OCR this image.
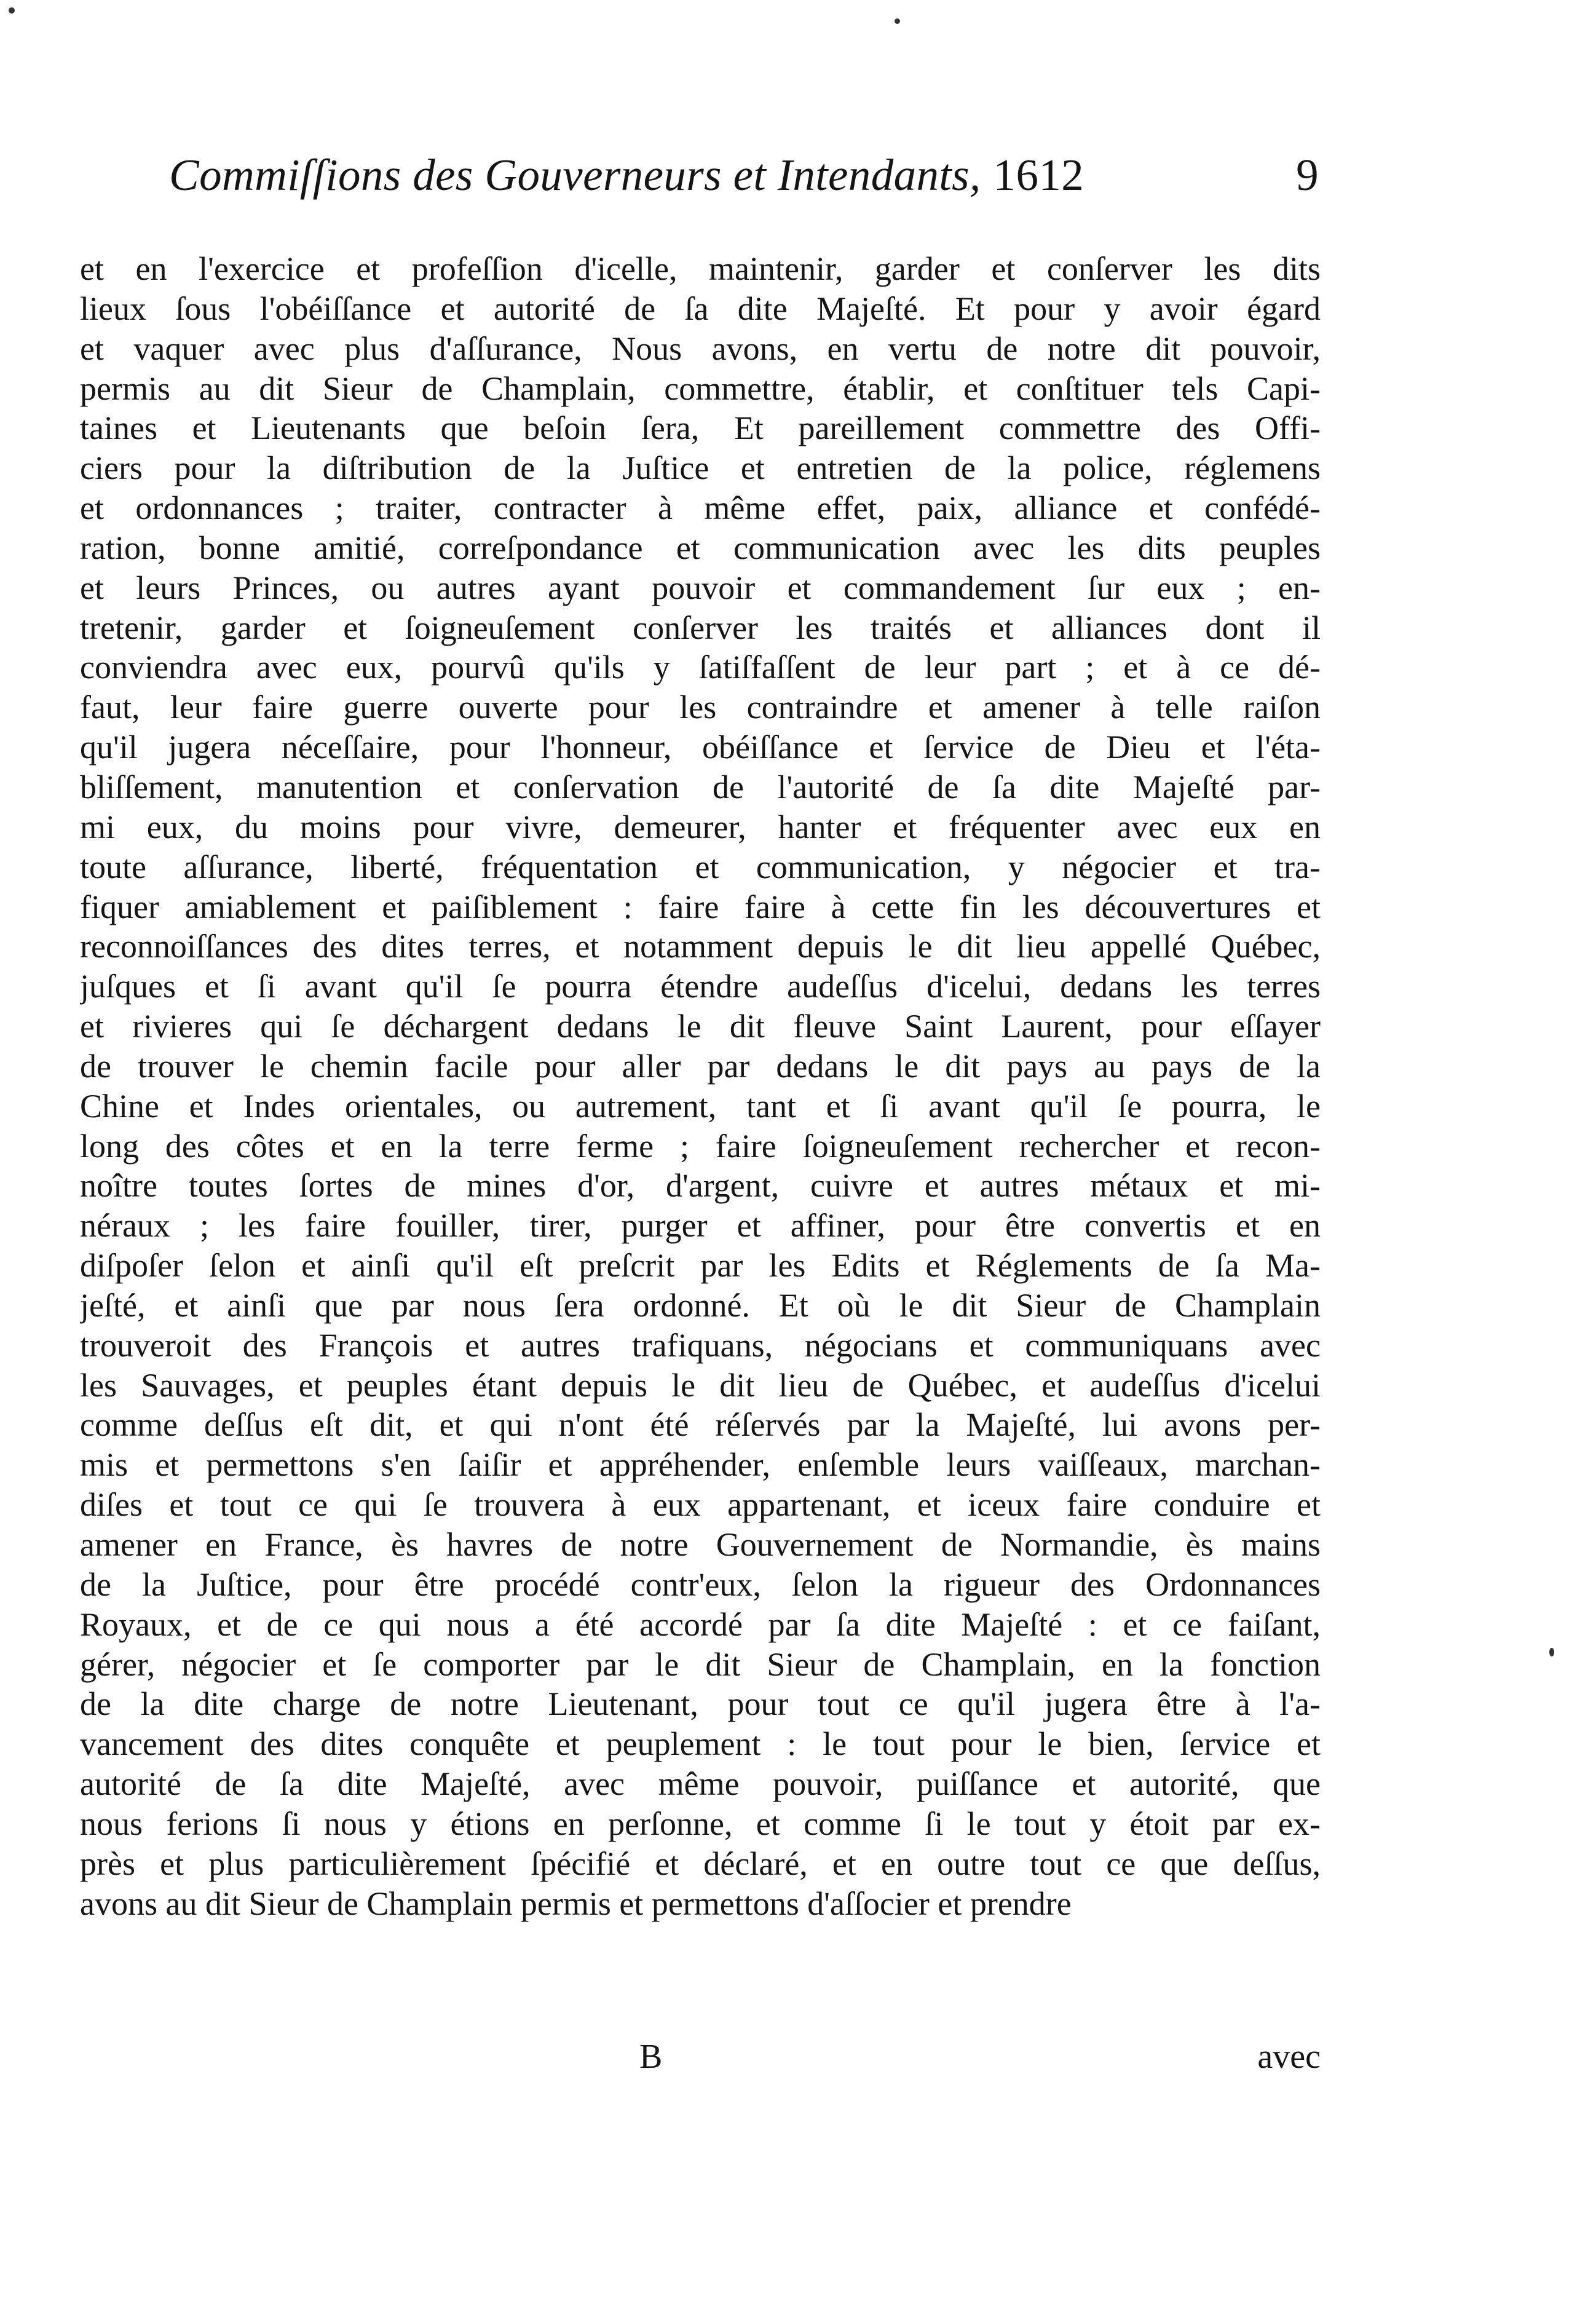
Commiſſions des Gouverneurs et Intendants, 1612	9
et en l'exercice et profeſſion d'icelle, maintenir, garder et conſerver les dits
lieux ſous l'obéiſſance et autorité de ſa dite Majeſté. Et pour y avoir égard
et vaquer avec plus d'aſſurance, Nous avons, en vertu de notre dit pouvoir,
permis au dit Sieur de Champlain, commettre, établir, et conſtituer tels Capi-
taines et Lieutenants que beſoin ſera, Et pareillement commettre des Offi-
ciers pour la diſtribution de la Juſtice et entretien de la police, réglemens
et ordonnances ; traiter, contracter à même effet, paix, alliance et confédé-
ration, bonne amitié, correſpondance et communication avec les dits peuples
et leurs Princes, ou autres ayant pouvoir et commandement ſur eux ; en-
tretenir, garder et ſoigneuſement conſerver les traités et alliances dont il
conviendra avec eux, pourvû qu'ils y ſatiſfaſſent de leur part ; et à ce dé-
faut, leur faire guerre ouverte pour les contraindre et amener à telle raiſon
qu'il jugera néceſſaire, pour l'honneur, obéiſſance et ſervice de Dieu et l'éta-
bliſſement, manutention et conſervation de l'autorité de ſa dite Majeſté par-
mi eux, du moins pour vivre, demeurer, hanter et fréquenter avec eux en
toute aſſurance, liberté, fréquentation et communication, y négocier et tra-
fiquer amiablement et paiſiblement : faire faire à cette fin les découvertures et
reconnoiſſances des dites terres, et notamment depuis le dit lieu appellé Québec,
juſques et ſi avant qu'il ſe pourra étendre audeſſus d'icelui, dedans les terres
et rivieres qui ſe déchargent dedans le dit fleuve Saint Laurent, pour eſſayer
de trouver le chemin facile pour aller par dedans le dit pays au pays de la
Chine et Indes orientales, ou autrement, tant et ſi avant qu'il ſe pourra, le
long des côtes et en la terre ferme ; faire ſoigneuſement rechercher et recon-
noître toutes ſortes de mines d'or, d'argent, cuivre et autres métaux et mi-
néraux ; les faire fouiller, tirer, purger et affiner, pour être convertis et en
diſpoſer ſelon et ainſi qu'il eſt preſcrit par les Edits et Réglements de ſa Ma-
jeſté, et ainſi que par nous ſera ordonné. Et où le dit Sieur de Champlain
trouveroit des François et autres trafiquans, négocians et communiquans avec
les Sauvages, et peuples étant depuis le dit lieu de Québec, et audeſſus d'icelui
comme deſſus eſt dit, et qui n'ont été réſervés par la Majeſté, lui avons per-
mis et permettons s'en ſaiſir et appréhender, enſemble leurs vaiſſeaux, marchan-
diſes et tout ce qui ſe trouvera à eux appartenant, et iceux faire conduire et
amener en France, ès havres de notre Gouvernement de Normandie, ès mains
de la Juſtice, pour être procédé contr'eux, ſelon la rigueur des Ordonnances
Royaux, et de ce qui nous a été accordé par ſa dite Majeſté : et ce faiſant,
gérer, négocier et ſe comporter par le dit Sieur de Champlain, en la fonction
de la dite charge de notre Lieutenant, pour tout ce qu'il jugera être à l'a-
vancement des dites conquête et peuplement : le tout pour le bien, ſervice et
autorité de ſa dite Majeſté, avec même pouvoir, puiſſance et autorité, que
nous ferions ſi nous y étions en perſonne, et comme ſi le tout y étoit par ex-
près et plus particulièrement ſpécifié et déclaré, et en outre tout ce que deſſus,
avons au dit Sieur de Champlain permis et permettons d'aſſocier et prendre
B	avec
